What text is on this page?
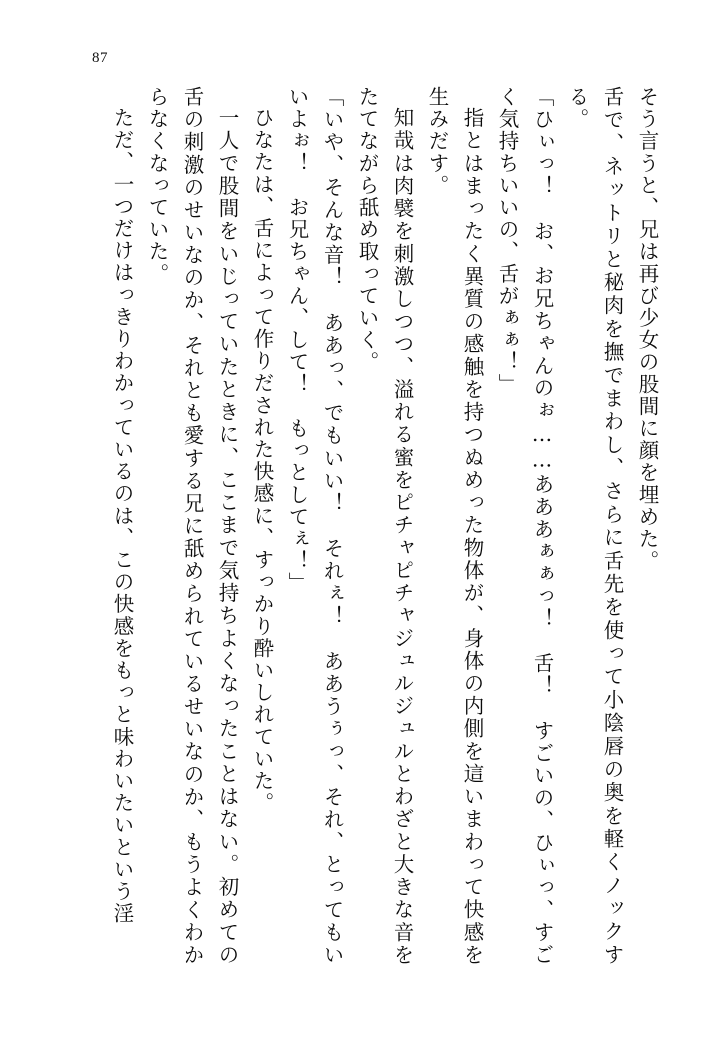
87

そう言うと、兄は再び少女の股間に顔を埋めた。

舌で、ネットリと秘肉を撫でまわし、さらに舌先を使って小陰唇の奥を軽くノックする。

「ひぃっ！　お、お兄ちゃんのぉ……あああぁぁっ！　舌！　すごいの、ひぃっ、すごく気持ちいいの、舌がぁぁ！」

指とはまったく異質の感触を持つぬめった物体が、身体の内側を這いまわって快感を生みだす。

知哉は肉襞を刺激しつつ、溢れる蜜をピチャピチャジュルジュルとわざと大きな音をたてながら舐め取っていく。

「いや、そんな音！　ああっ、でもいい！　それぇ！　ああうぅっ、それ、とってもいいよぉ！　お兄ちゃん、して！　もっとしてぇ！」

ひなたは、舌によって作りだされた快感に、すっかり酔いしれていた。

一人で股間をいじっていたときに、ここまで気持ちよくなったことはない。初めての舌の刺激のせいなのか、それとも愛する兄に舐められているせいなのか、もうよくわからなくなっていた。

ただ、一つだけはっきりわかっているのは、この快感をもっと味わいたいという淫
